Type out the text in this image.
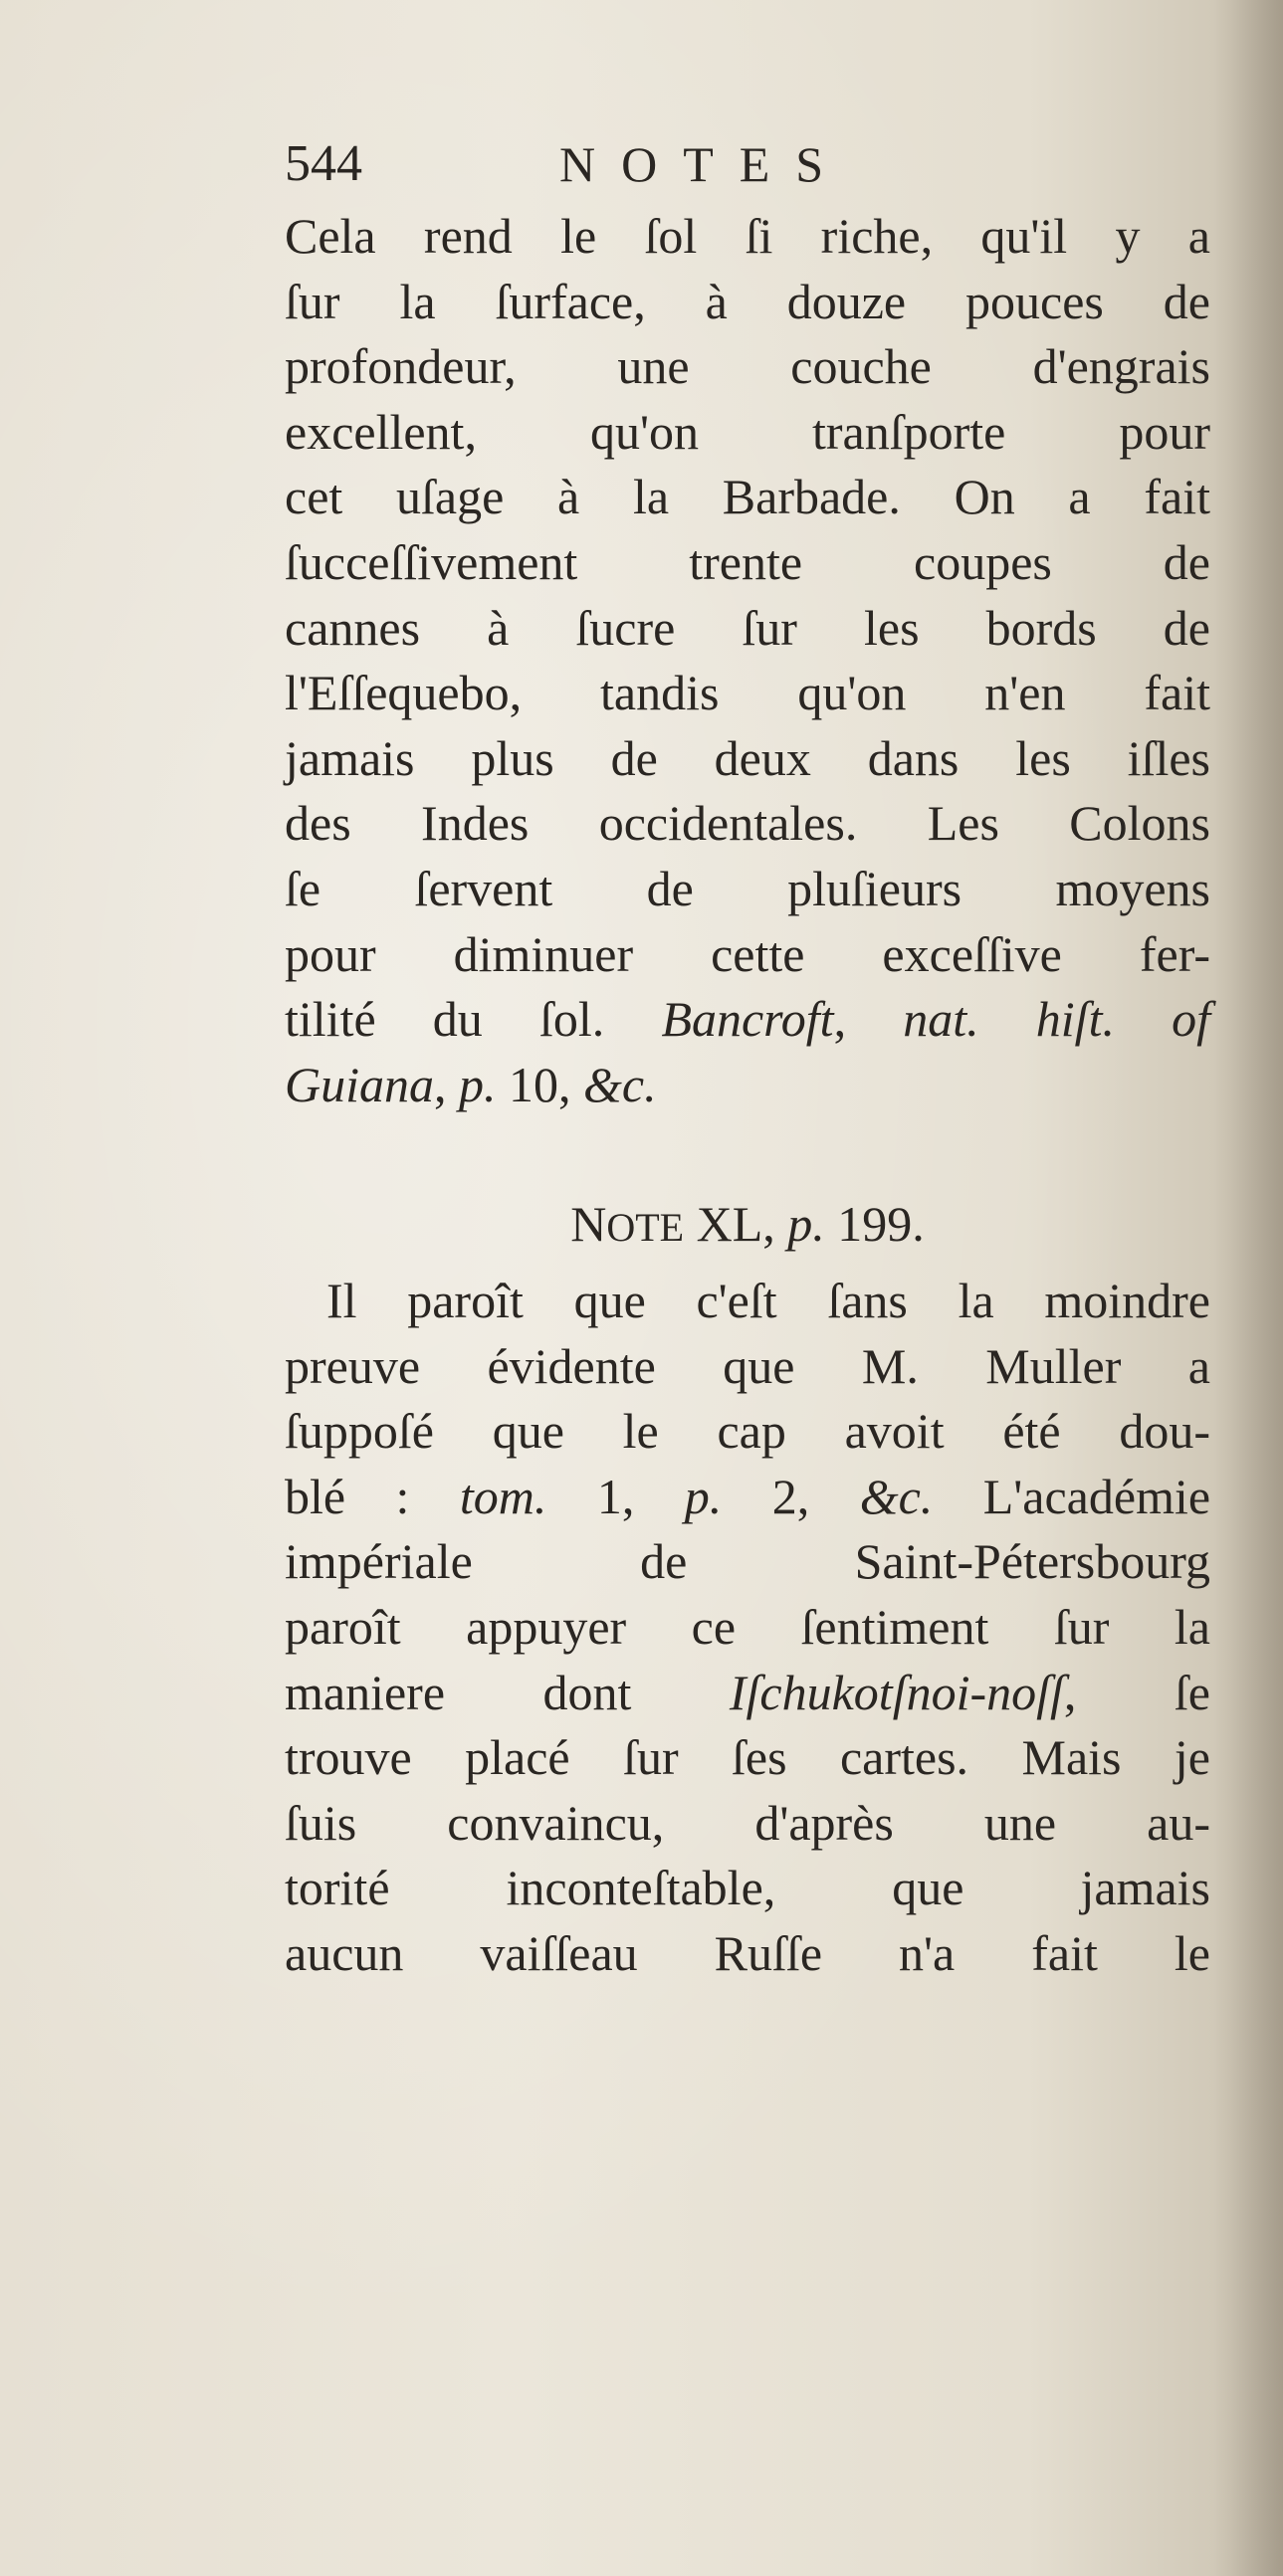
544	NOTES
Cela rend le ſol ſi riche, qu'il y a
ſur la ſurface, à douze pouces de
profondeur, une couche d'engrais
excellent, qu'on tranſporte pour
cet uſage à la Barbade. On a fait
ſucceſſivement trente coupes de
cannes à ſucre ſur les bords de
l'Eſſequebo, tandis qu'on n'en fait
jamais plus de deux dans les iſles
des Indes occidentales. Les Colons
ſe ſervent de pluſieurs moyens
pour diminuer cette exceſſive fer-
tilité du ſol. Bancroft, nat. hiſt. of
Guiana, p. 10, &c.
NOTE XL, p. 199.
Il paroît que c'eſt ſans la moindre
preuve évidente que M. Muller a
ſuppoſé que le cap avoit été dou-
blé : tom. 1, p. 2, &c. L'académie
impériale de Saint-Pétersbourg
paroît appuyer ce ſentiment ſur la
maniere dont Iſchukotſnoi-noſſ, ſe
trouve placé ſur ſes cartes. Mais je
ſuis convaincu, d'après une au-
torité inconteſtable, que jamais
aucun vaiſſeau Ruſſe n'a fait le
